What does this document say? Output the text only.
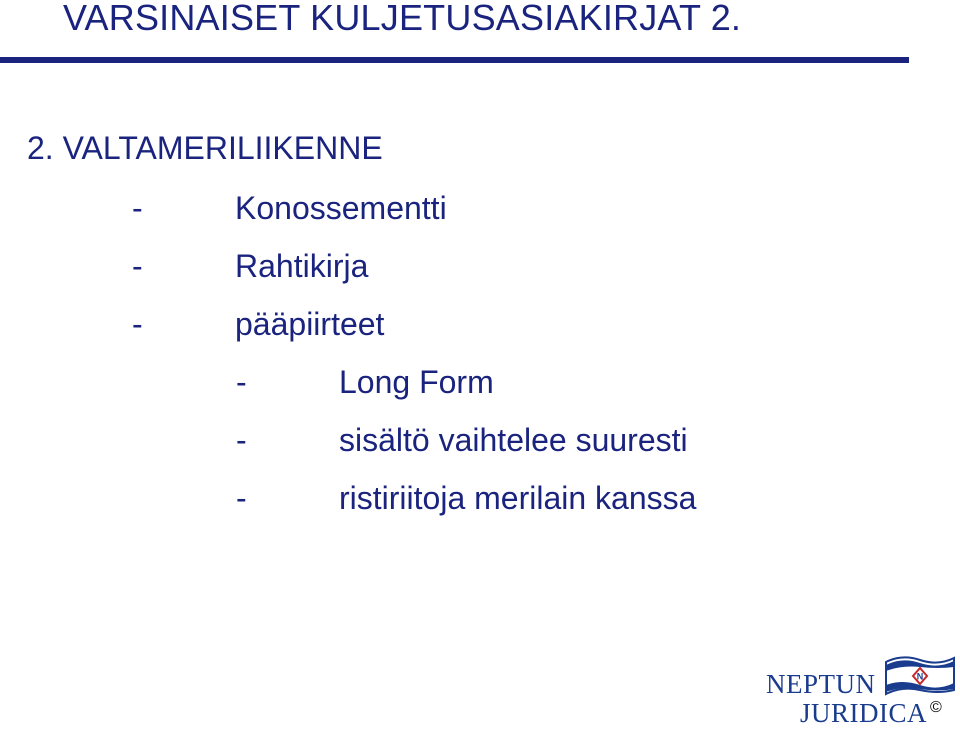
VARSINAISET KULJETUSASIAKIRJAT 2.
2. VALTAMERILIIKENNE
-	Konossementti
-	Rahtikirja
-	pääpiirteet
-	Long Form
-	sisältö vaihtelee suuresti
-	ristiriitoja merilain kanssa
N
NEPTUN
JURIDICA ©
